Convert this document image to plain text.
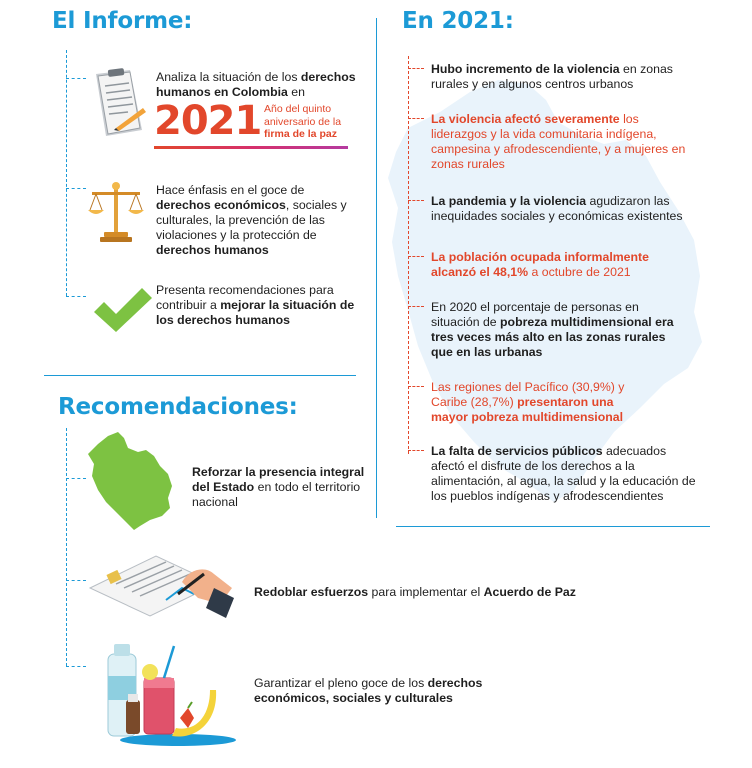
El Informe:
Analiza la situación de los derechos humanos en Colombia en
2021 Año del quinto aniversario de la firma de la paz
Hace énfasis en el goce de derechos económicos, sociales y culturales, la prevención de las violaciones y la protección de derechos humanos
Presenta recomendaciones para contribuir a mejorar la situación de los derechos humanos
Recomendaciones:
Reforzar la presencia integral del Estado en todo el territorio nacional
Redoblar esfuerzos para implementar el Acuerdo de Paz
Garantizar el pleno goce de los derechos económicos, sociales y culturales
En 2021:
Hubo incremento de la violencia en zonas rurales y en algunos centros urbanos
La violencia afectó severamente los liderazgos y la vida comunitaria indígena, campesina y afrodescendiente, y a mujeres en zonas rurales
La pandemia y la violencia agudizaron las inequidades sociales y económicas existentes
La población ocupada informalmente alcanzó el 48,1% a octubre de 2021
En 2020 el porcentaje de personas en situación de pobreza multidimensional era tres veces más alto en las zonas rurales que en las urbanas
Las regiones del Pacífico (30,9%) y Caribe (28,7%) presentaron una mayor pobreza multidimensional
La falta de servicios públicos adecuados afectó el disfrute de los derechos a la alimentación, al agua, la salud y la educación de los pueblos indígenas y afrodescendientes
